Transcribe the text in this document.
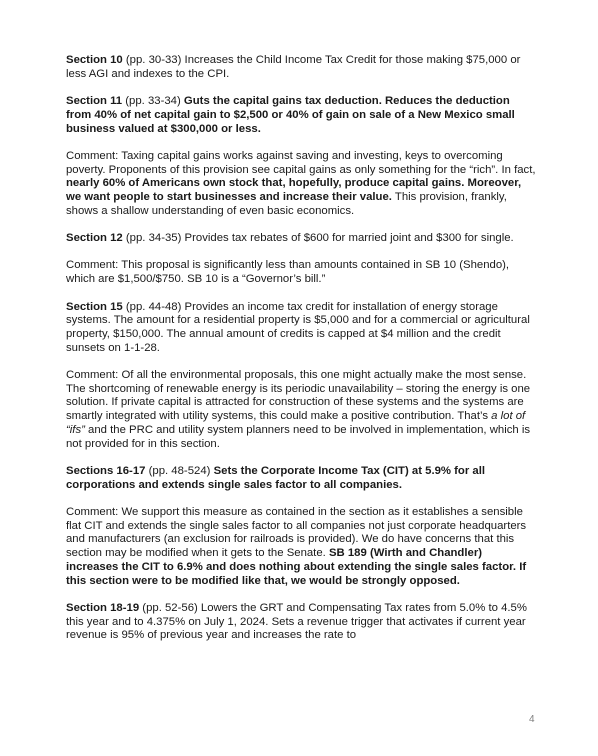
Section 10 (pp. 30-33) Increases the Child Income Tax Credit for those making $75,000 or less AGI and indexes to the CPI.

Section 11 (pp. 33-34) Guts the capital gains tax deduction. Reduces the deduction from 40% of net capital gain to $2,500 or 40% of gain on sale of a New Mexico small business valued at $300,000 or less.

Comment: Taxing capital gains works against saving and investing, keys to overcoming poverty. Proponents of this provision see capital gains as only something for the “rich”. In fact, nearly 60% of Americans own stock that, hopefully, produce capital gains. Moreover, we want people to start businesses and increase their value. This provision, frankly, shows a shallow understanding of even basic economics.

Section 12 (pp. 34-35) Provides tax rebates of $600 for married joint and $300 for single.

Comment: This proposal is significantly less than amounts contained in SB 10 (Shendo), which are $1,500/$750. SB 10 is a “Governor’s bill.”

Section 15 (pp. 44-48) Provides an income tax credit for installation of energy storage systems. The amount for a residential property is $5,000 and for a commercial or agricultural property, $150,000. The annual amount of credits is capped at $4 million and the credit sunsets on 1-1-28.

Comment: Of all the environmental proposals, this one might actually make the most sense. The shortcoming of renewable energy is its periodic unavailability – storing the energy is one solution. If private capital is attracted for construction of these systems and the systems are smartly integrated with utility systems, this could make a positive contribution. That’s a lot of “ifs” and the PRC and utility system planners need to be involved in implementation, which is not provided for in this section.

Sections 16-17 (pp. 48-524) Sets the Corporate Income Tax (CIT) at 5.9% for all corporations and extends single sales factor to all companies.

Comment: We support this measure as contained in the section as it establishes a sensible flat CIT and extends the single sales factor to all companies not just corporate headquarters and manufacturers (an exclusion for railroads is provided). We do have concerns that this section may be modified when it gets to the Senate. SB 189 (Wirth and Chandler) increases the CIT to 6.9% and does nothing about extending the single sales factor. If this section were to be modified like that, we would be strongly opposed.

Section 18-19 (pp. 52-56) Lowers the GRT and Compensating Tax rates from 5.0% to 4.5% this year and to 4.375% on July 1, 2024. Sets a revenue trigger that activates if current year revenue is 95% of previous year and increases the rate to

4
